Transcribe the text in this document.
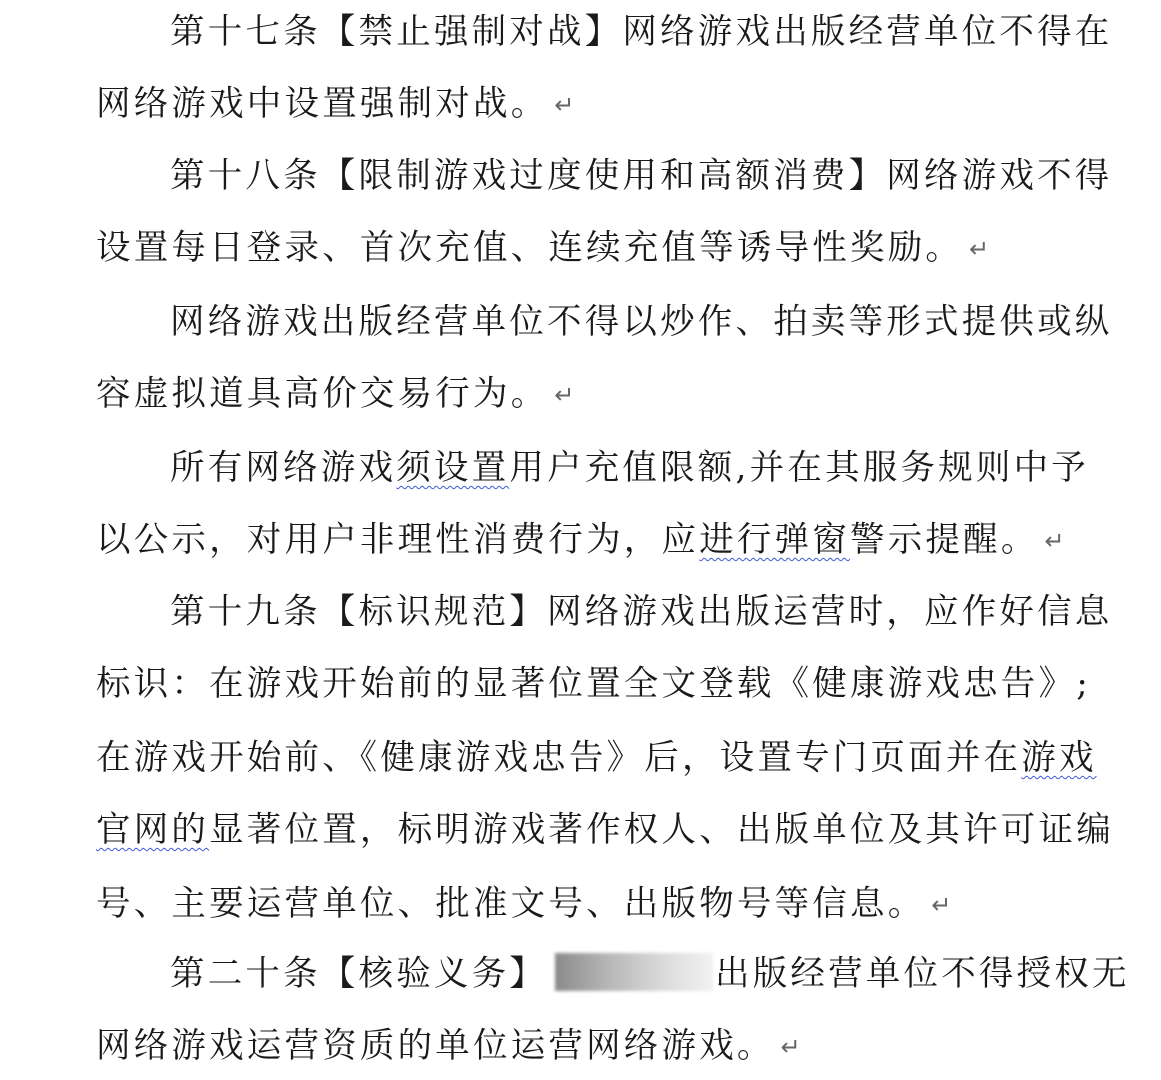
第十七条【禁止强制对战】网络游戏出版经营单位不得在
网络游戏中设置强制对战。 ↵
第十八条【限制游戏过度使用和高额消费】网络游戏不得
设置每日登录、首次充值、连续充值等诱导性奖励。 ↵
网络游戏出版经营单位不得以炒作、拍卖等形式提供或纵
容虚拟道具高价交易行为。 ↵
所有网络游戏须设置用户充值限额,并在其服务规则中予
以公示，对用户非理性消费行为，应进行弹窗警示提醒。 ↵
第十九条【标识规范】网络游戏出版运营时，应作好信息
标识：在游戏开始前的显著位置全文登载《健康游戏忠告》;
在游戏开始前、《健康游戏忠告》后，设置专门页面并在游戏
官网的显著位置，标明游戏著作权人、出版单位及其许可证编
号、主要运营单位、批准文号、出版物号等信息。 ↵
第二十条【核验义务】	出版经营单位不得授权无
网络游戏运营资质的单位运营网络游戏。 ↵
